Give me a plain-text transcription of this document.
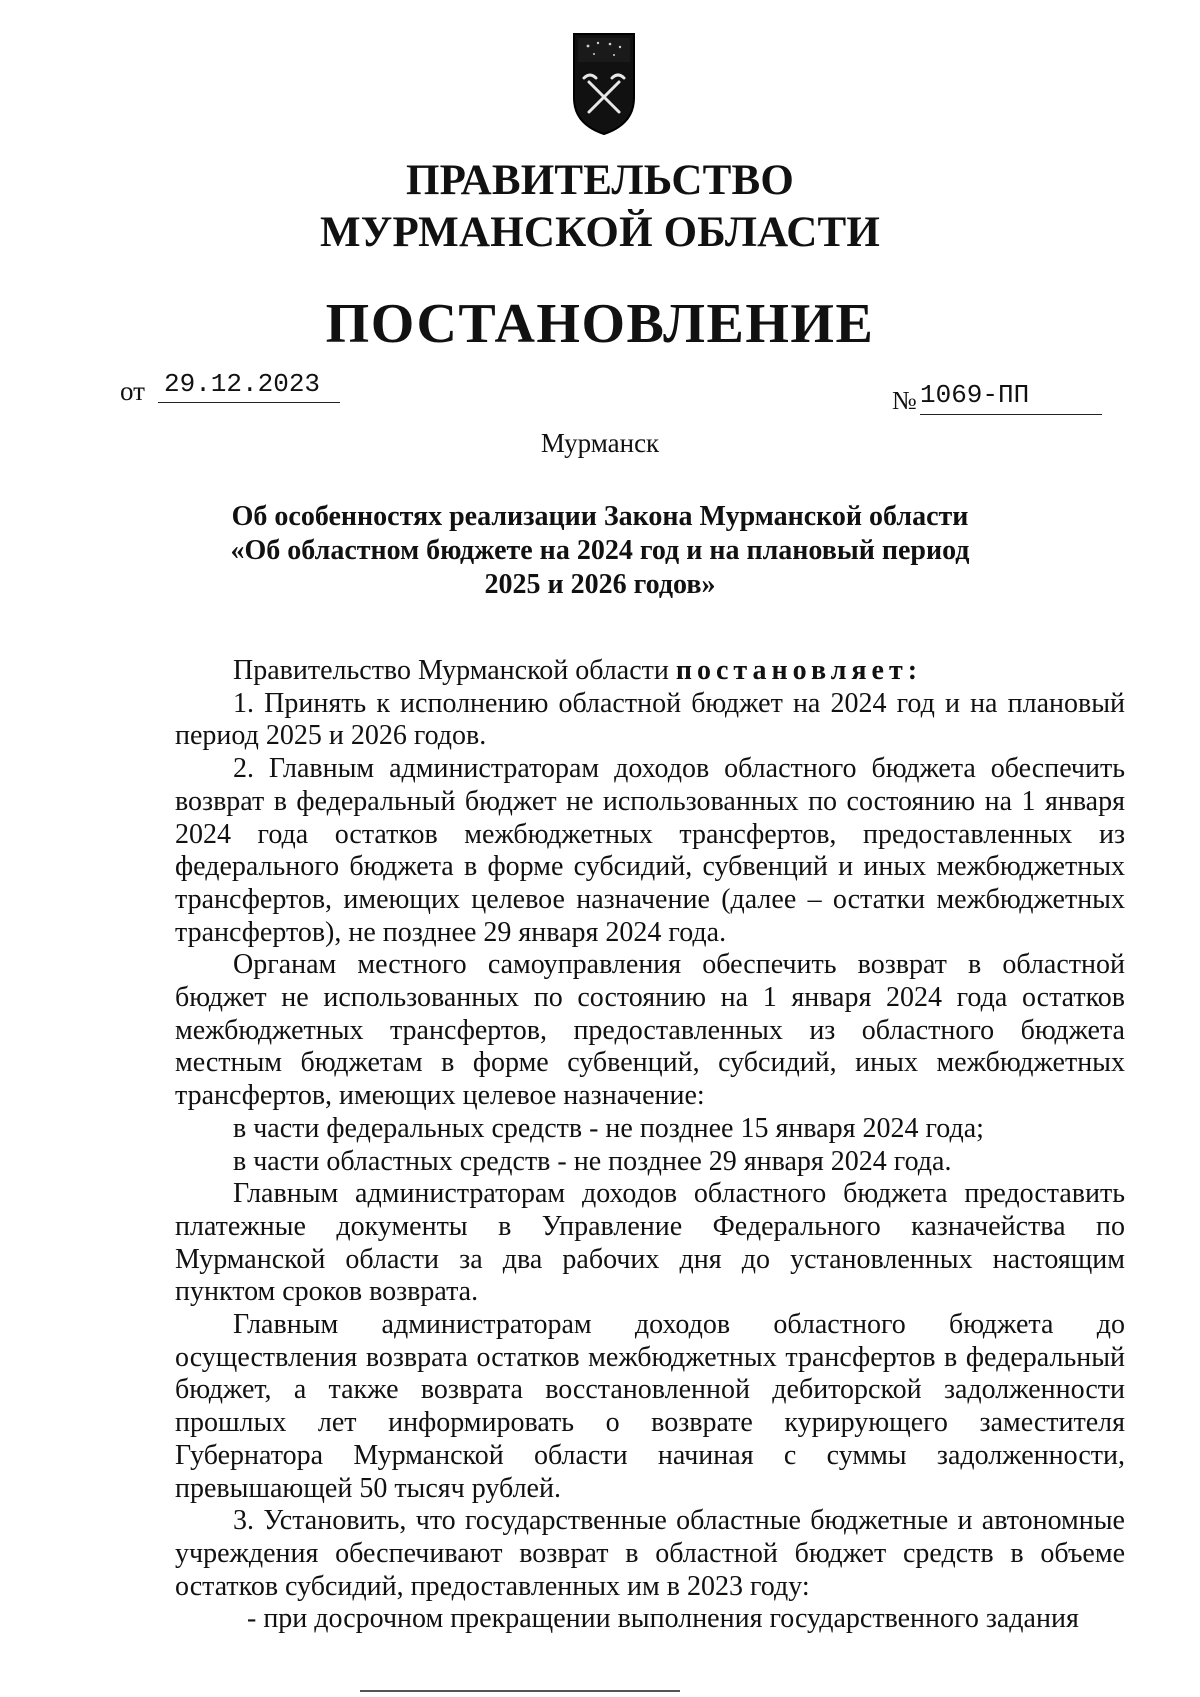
ПРАВИТЕЛЬСТВО
МУРМАНСКОЙ ОБЛАСТИ
ПОСТАНОВЛЕНИЕ
от 29.12.2023
№ 1069-ПП
Мурманск
Об особенностях реализации Закона Мурманской области
«Об областном бюджете на 2024 год и на плановый период
2025 и 2026 годов»

Правительство Мурманской области постановляет:

1. Принять к исполнению областной бюджет на 2024 год и на плановый период 2025 и 2026 годов.

2. Главным администраторам доходов областного бюджета обеспечить возврат в федеральный бюджет не использованных по состоянию на 1 января 2024 года остатков межбюджетных трансфертов, предоставленных из федерального бюджета в форме субсидий, субвенций и иных межбюджетных трансфертов, имеющих целевое назначение (далее – остатки межбюджетных трансфертов), не позднее 29 января 2024 года.

Органам местного самоуправления обеспечить возврат в областной бюджет не использованных по состоянию на 1 января 2024 года остатков межбюджетных трансфертов, предоставленных из областного бюджета местным бюджетам в форме субвенций, субсидий, иных межбюджетных трансфертов, имеющих целевое назначение:

в части федеральных средств - не позднее 15 января 2024 года;

в части областных средств - не позднее 29 января 2024 года.

Главным администраторам доходов областного бюджета предоставить платежные документы в Управление Федерального казначейства по Мурманской области за два рабочих дня до установленных настоящим пунктом сроков возврата.

Главным администраторам доходов областного бюджета до осуществления возврата остатков межбюджетных трансфертов в федеральный бюджет, а также возврата восстановленной дебиторской задолженности прошлых лет информировать о возврате курирующего заместителя Губернатора Мурманской области начиная с суммы задолженности, превышающей 50 тысяч рублей.

3. Установить, что государственные областные бюджетные и автономные учреждения обеспечивают возврат в областной бюджет средств в объеме остатков субсидий, предоставленных им в 2023 году:

- при досрочном прекращении выполнения государственного задания
